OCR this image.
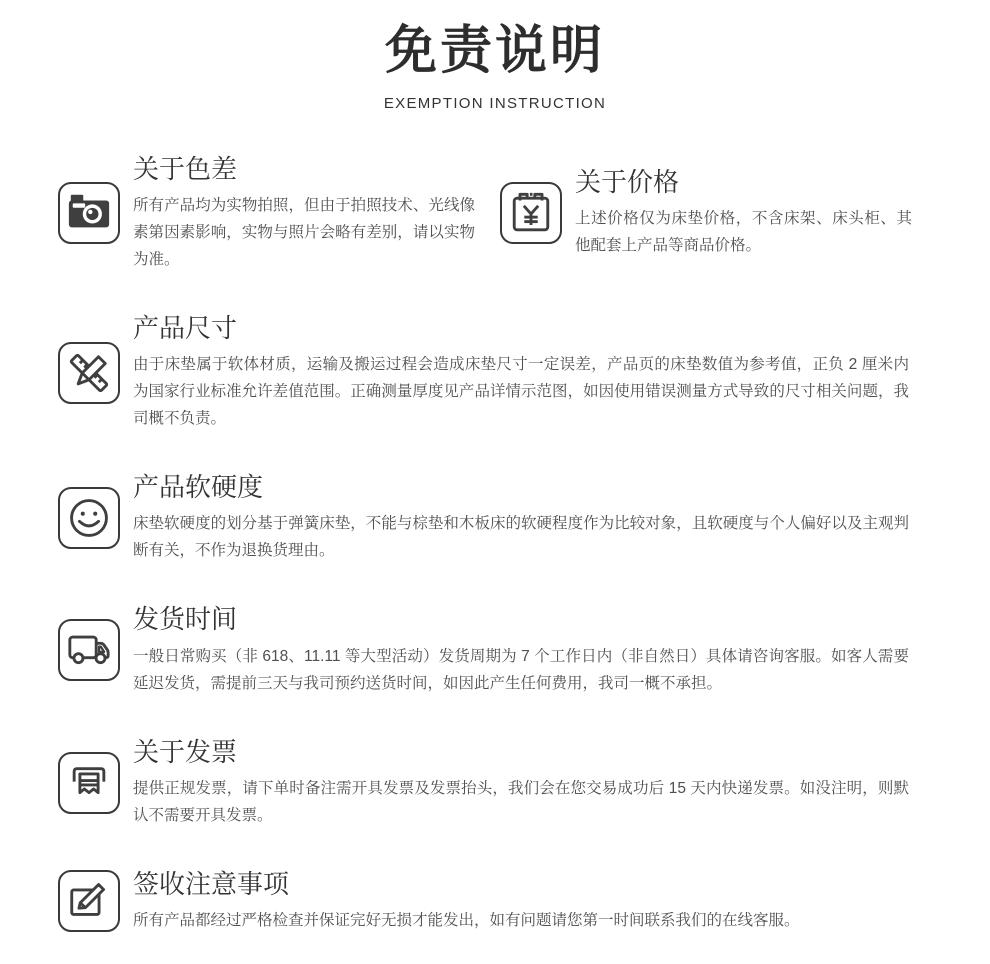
免责说明
EXEMPTION INSTRUCTION
关于色差

所有产品均为实物拍照，但由于拍照技术、光线像素第因素影响，实物与照片会略有差别，请以实物为准。

关于价格

上述价格仅为床垫价格，不含床架、床头柜、其他配套上产品等商品价格。

产品尺寸

由于床垫属于软体材质，运输及搬运过程会造成床垫尺寸一定误差，产品页的床垫数值为参考值，正负 2 厘米内为国家行业标准允许差值范围。正确测量厚度见产品详情示范图，如因使用错误测量方式导致的尺寸相关问题，我司概不负责。

产品软硬度

床垫软硬度的划分基于弹簧床垫，不能与棕垫和木板床的软硬程度作为比较对象，且软硬度与个人偏好以及主观判断有关，不作为退换货理由。

发货时间

一般日常购买（非 618、11.11 等大型活动）发货周期为 7 个工作日内（非自然日）具体请咨询客服。如客人需要延迟发货，需提前三天与我司预约送货时间，如因此产生任何费用，我司一概不承担。

关于发票

提供正规发票，请下单时备注需开具发票及发票抬头，我们会在您交易成功后 15 天内快递发票。如没注明，则默认不需要开具发票。

签收注意事项

所有产品都经过严格检查并保证完好无损才能发出，如有问题请您第一时间联系我们的在线客服。
